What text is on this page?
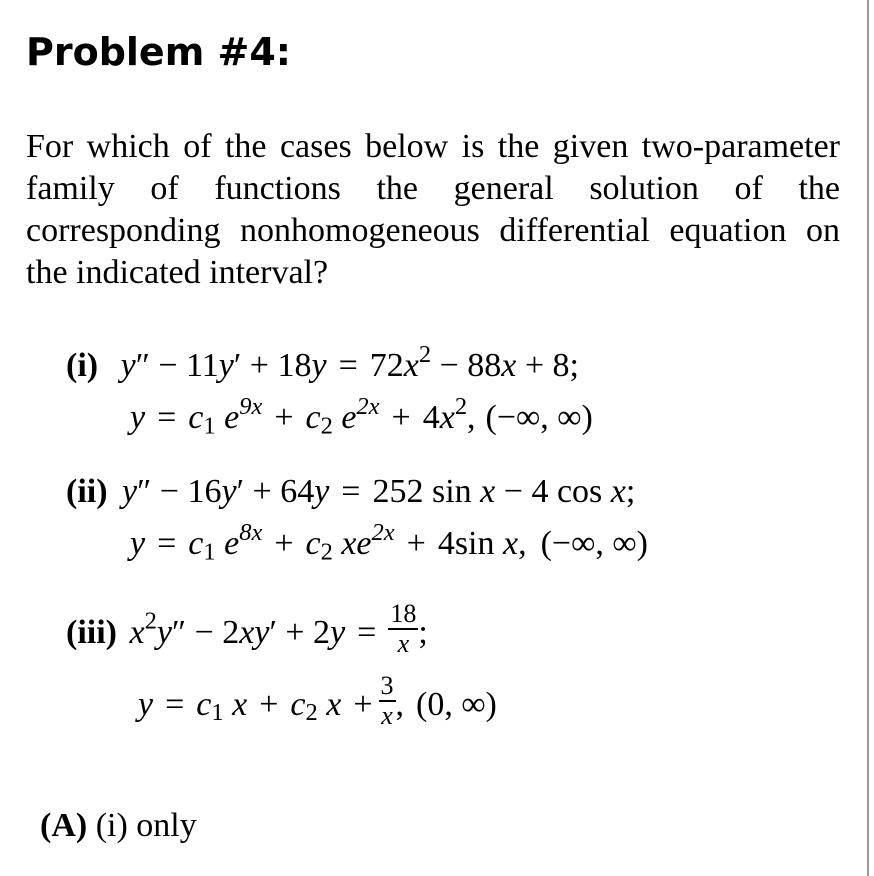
Problem #4:

For which of the cases below is the given two-parameter family of functions the general solution of the corresponding nonhomogeneous differential equation on the indicated interval?

(i) $y'' - 11y' + 18y = 72x^2 - 88x + 8$;
$y = c_1$ $e^{9x} + c_2$ $e^{2x} + 4x^2$, (−∞, ∞)
(ii) y″ − 16y′ + 64y = 252 sin x − 4 cos x;
$y = c_1$ $e^{8x} + c_2$ $xe^{2x} + 4\sin$ x, (−∞, ∞)
(iii) $x^2y'' - 2xy' + 2y = \frac{18}{x}$ ;
$y = c_1$ $x + c_2$ $x + \frac{3}{x}$ , (0, ∞)
(A) (i) only
